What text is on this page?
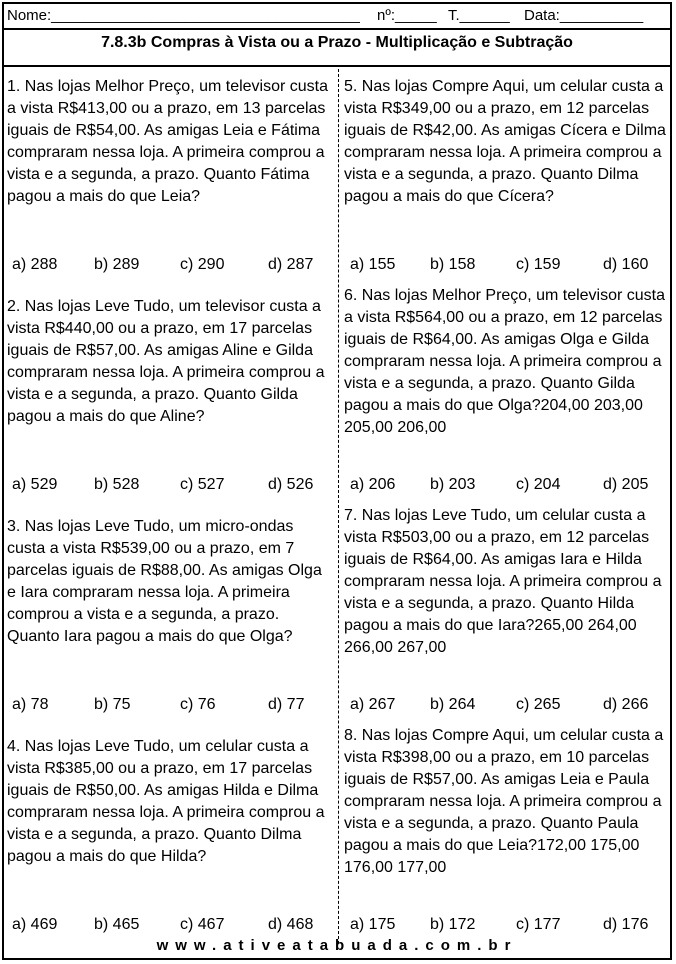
Nome:_____________________________________ nº:_____ T.______ Data:__________
7.8.3b Compras à Vista ou a Prazo - Multiplicação e Subtração

1. Nas lojas Melhor Preço, um televisor custa a vista R$413,00 ou a prazo, em 13 parcelas iguais de R$54,00. As amigas Leia e Fátima compraram nessa loja. A primeira comprou a vista e a segunda, a prazo. Quanto Fátima pagou a mais do que Leia?

a) 288 b) 289	c) 290	d) 287

2. Nas lojas Leve Tudo, um televisor custa a vista R$440,00 ou a prazo, em 17 parcelas iguais de R$57,00. As amigas Aline e Gilda compraram nessa loja. A primeira comprou a vista e a segunda, a prazo. Quanto Gilda pagou a mais do que Aline?

a) 529 b) 528	c) 527	d) 526

3. Nas lojas Leve Tudo, um micro-ondas custa a vista R$539,00 ou a prazo, em 7 parcelas iguais de R$88,00. As amigas Olga e Iara compraram nessa loja. A primeira comprou a vista e a segunda, a prazo. Quanto Iara pagou a mais do que Olga?

a) 78	b) 75	c) 76	d) 77

4. Nas lojas Leve Tudo, um celular custa a vista R$385,00 ou a prazo, em 17 parcelas iguais de R$50,00. As amigas Hilda e Dilma compraram nessa loja. A primeira comprou a vista e a segunda, a prazo. Quanto Dilma pagou a mais do que Hilda?

a) 469 b) 465	c) 467	d) 468

5. Nas lojas Compre Aqui, um celular custa a vista R$349,00 ou a prazo, em 12 parcelas iguais de R$42,00. As amigas Cícera e Dilma compraram nessa loja. A primeira comprou a vista e a segunda, a prazo. Quanto Dilma pagou a mais do que Cícera?

a) 155 b) 158	c) 159	d) 160

6. Nas lojas Melhor Preço, um televisor custa a vista R$564,00 ou a prazo, em 12 parcelas iguais de R$64,00. As amigas Olga e Gilda compraram nessa loja. A primeira comprou a vista e a segunda, a prazo. Quanto Gilda pagou a mais do que Olga?204,00 203,00 205,00 206,00

a) 206 b) 203	c) 204	d) 205

7. Nas lojas Leve Tudo, um celular custa a vista R$503,00 ou a prazo, em 12 parcelas iguais de R$64,00. As amigas Iara e Hilda compraram nessa loja. A primeira comprou a vista e a segunda, a prazo. Quanto Hilda pagou a mais do que Iara?265,00 264,00 266,00 267,00

a) 267 b) 264	c) 265	d) 266

8. Nas lojas Compre Aqui, um celular custa a vista R$398,00 ou a prazo, em 10 parcelas iguais de R$57,00. As amigas Leia e Paula compraram nessa loja. A primeira comprou a vista e a segunda, a prazo. Quanto Paula pagou a mais do que Leia?172,00 175,00 176,00 177,00

a) 175 b) 172	c) 177	d) 176
www.ativeatabuada.com.br
